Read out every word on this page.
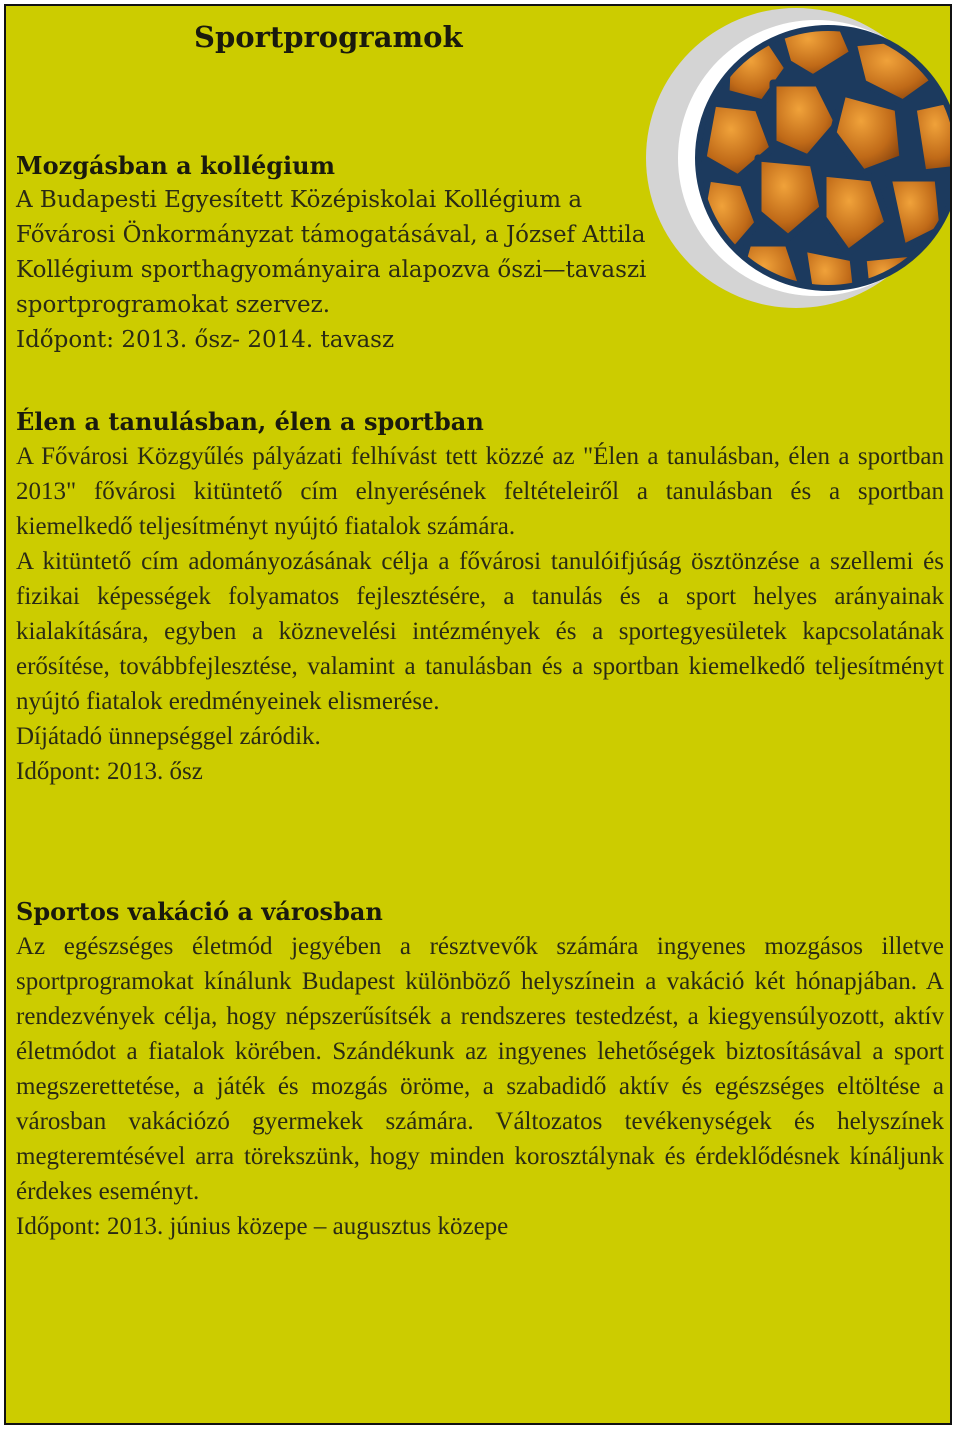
Sportprogramok
Mozgásban a kollégium
A Budapesti Egyesített Középiskolai Kollégium a Fővárosi Önkormányzat támogatásával, a József Attila Kollégium sporthagyományaira alapozva őszi—tavaszi sportprogramokat szervez.
Időpont: 2013. ősz- 2014. tavasz
Élen a tanulásban, élen a sportban
A Fővárosi Közgyűlés pályázati felhívást tett közzé az "Élen a tanulásban, élen a sportban 2013" fővárosi kitüntető cím elnyerésének feltételeiről a tanulásban és a sportban kiemelkedő teljesítményt nyújtó fiatalok számára.
A kitüntető cím adományozásának célja a fővárosi tanulóifjúság ösztönzése a szellemi és fizikai képességek folyamatos fejlesztésére, a tanulás és a sport helyes arányainak kialakítására, egyben a köznevelési intézmények és a sportegyesületek kapcsolatának erősítése, továbbfejlesztése, valamint a tanulásban és a sportban kiemelkedő teljesítményt nyújtó fiatalok eredményeinek elismerése.
Díjátadó ünnepséggel záródik.
Időpont: 2013. ősz
Sportos vakáció a városban
Az egészséges életmód jegyében a résztvevők számára ingyenes mozgásos illetve sportprogramokat kínálunk Budapest különböző helyszínein a vakáció két hónapjában. A rendezvények célja, hogy népszerűsítsék a rendszeres testedzést, a kiegyensúlyozott, aktív életmódot a fiatalok körében. Szándékunk az ingyenes lehetőségek biztosításával a sport megszerettetése, a játék és mozgás öröme, a szabadidő aktív és egészséges eltöltése a városban vakációzó gyermekek számára. Változatos tevékenységek és helyszínek megteremtésével arra törekszünk, hogy minden korosztálynak és érdeklődésnek kínáljunk érdekes eseményt.
Időpont: 2013. június közepe – augusztus közepe
